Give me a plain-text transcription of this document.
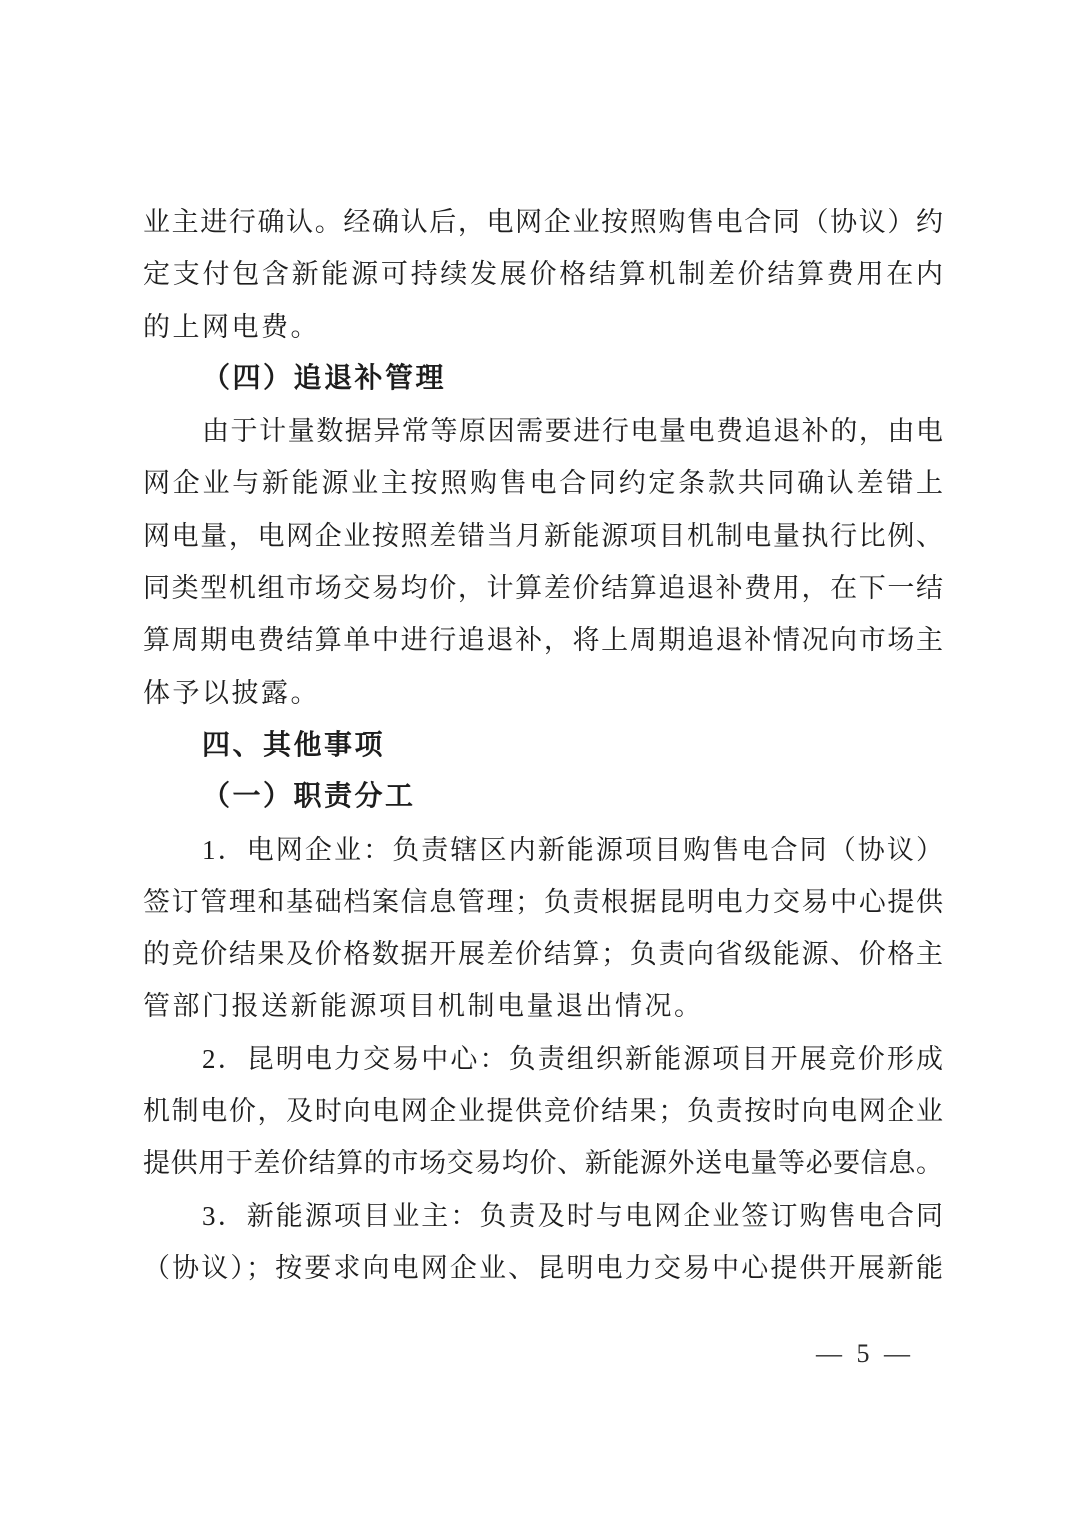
业主进行确认。经确认后，电网企业按照购售电合同（协议）约
定支付包含新能源可持续发展价格结算机制差价结算费用在内
的上网电费。
（四）追退补管理
由于计量数据异常等原因需要进行电量电费追退补的，由电
网企业与新能源业主按照购售电合同约定条款共同确认差错上
网电量，电网企业按照差错当月新能源项目机制电量执行比例、
同类型机组市场交易均价，计算差价结算追退补费用，在下一结
算周期电费结算单中进行追退补，将上周期追退补情况向市场主
体予以披露。
四、其他事项
（一）职责分工
1．电网企业：负责辖区内新能源项目购售电合同（协议）
签订管理和基础档案信息管理；负责根据昆明电力交易中心提供
的竞价结果及价格数据开展差价结算；负责向省级能源、价格主
管部门报送新能源项目机制电量退出情况。
2．昆明电力交易中心：负责组织新能源项目开展竞价形成
机制电价，及时向电网企业提供竞价结果；负责按时向电网企业
提供用于差价结算的市场交易均价、新能源外送电量等必要信息。
3．新能源项目业主：负责及时与电网企业签订购售电合同
（协议）；按要求向电网企业、昆明电力交易中心提供开展新能
— 5 —
